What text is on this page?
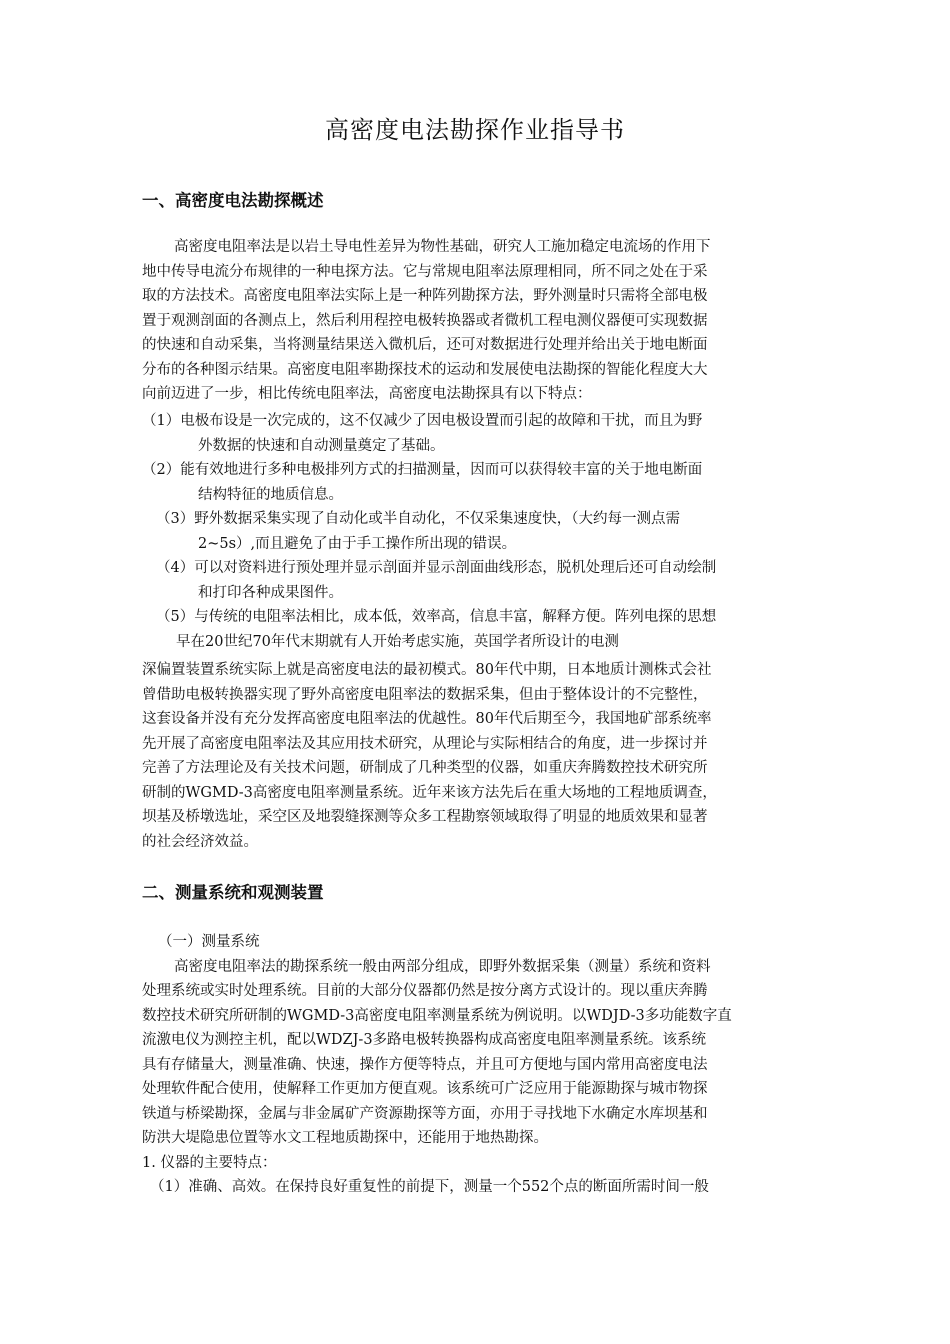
高密度电法勘探作业指导书
一、高密度电法勘探概述
高密度电阻率法是以岩土导电性差异为物性基础，研究人工施加稳定电流场的作用下
地中传导电流分布规律的一种电探方法。它与常规电阻率法原理相同，所不同之处在于采
取的方法技术。高密度电阻率法实际上是一种阵列勘探方法，野外测量时只需将全部电极
置于观测剖面的各测点上，然后利用程控电极转换器或者微机工程电测仪器便可实现数据
的快速和自动采集，当将测量结果送入微机后，还可对数据进行处理并给出关于地电断面
分布的各种图示结果。高密度电阻率勘探技术的运动和发展使电法勘探的智能化程度大大
向前迈进了一步，相比传统电阻率法，高密度电法勘探具有以下特点：
（1）电极布设是一次完成的，这不仅减少了因电极设置而引起的故障和干扰，而且为野
外数据的快速和自动测量奠定了基础。
（2）能有效地进行多种电极排列方式的扫描测量，因而可以获得较丰富的关于地电断面
结构特征的地质信息。
（3）野外数据采集实现了自动化或半自动化，不仅采集速度快，（大约每一测点需
2~5s）,而且避免了由于手工操作所出现的错误。
（4）可以对资料进行预处理并显示剖面并显示剖面曲线形态，脱机处理后还可自动绘制
和打印各种成果图件。
（5）与传统的电阻率法相比，成本低，效率高，信息丰富，解释方便。阵列电探的思想
早在20世纪70年代末期就有人开始考虑实施，英国学者所设计的电测
深偏置装置系统实际上就是高密度电法的最初模式。80年代中期，日本地质计测株式会社
曾借助电极转换器实现了野外高密度电阻率法的数据采集，但由于整体设计的不完整性，
这套设备并没有充分发挥高密度电阻率法的优越性。80年代后期至今，我国地矿部系统率
先开展了高密度电阻率法及其应用技术研究，从理论与实际相结合的角度，进一步探讨并
完善了方法理论及有关技术问题，研制成了几种类型的仪器，如重庆奔腾数控技术研究所
研制的WGMD-3高密度电阻率测量系统。近年来该方法先后在重大场地的工程地质调查，
坝基及桥墩选址，采空区及地裂缝探测等众多工程勘察领域取得了明显的地质效果和显著
的社会经济效益。
二、测量系统和观测装置
（一）测量系统
高密度电阻率法的勘探系统一般由两部分组成，即野外数据采集（测量）系统和资料
处理系统或实时处理系统。目前的大部分仪器都仍然是按分离方式设计的。现以重庆奔腾
数控技术研究所研制的WGMD-3高密度电阻率测量系统为例说明。以WDJD-3多功能数字直
流激电仪为测控主机，配以WDZJ-3多路电极转换器构成高密度电阻率测量系统。该系统
具有存储量大，测量准确、快速，操作方便等特点，并且可方便地与国内常用高密度电法
处理软件配合使用，使解释工作更加方便直观。该系统可广泛应用于能源勘探与城市物探
铁道与桥梁勘探，金属与非金属矿产资源勘探等方面，亦用于寻找地下水确定水库坝基和
防洪大堤隐患位置等水文工程地质勘探中，还能用于地热勘探。
1. 仪器的主要特点：
（1）准确、高效。在保持良好重复性的前提下，测量一个552个点的断面所需时间一般
